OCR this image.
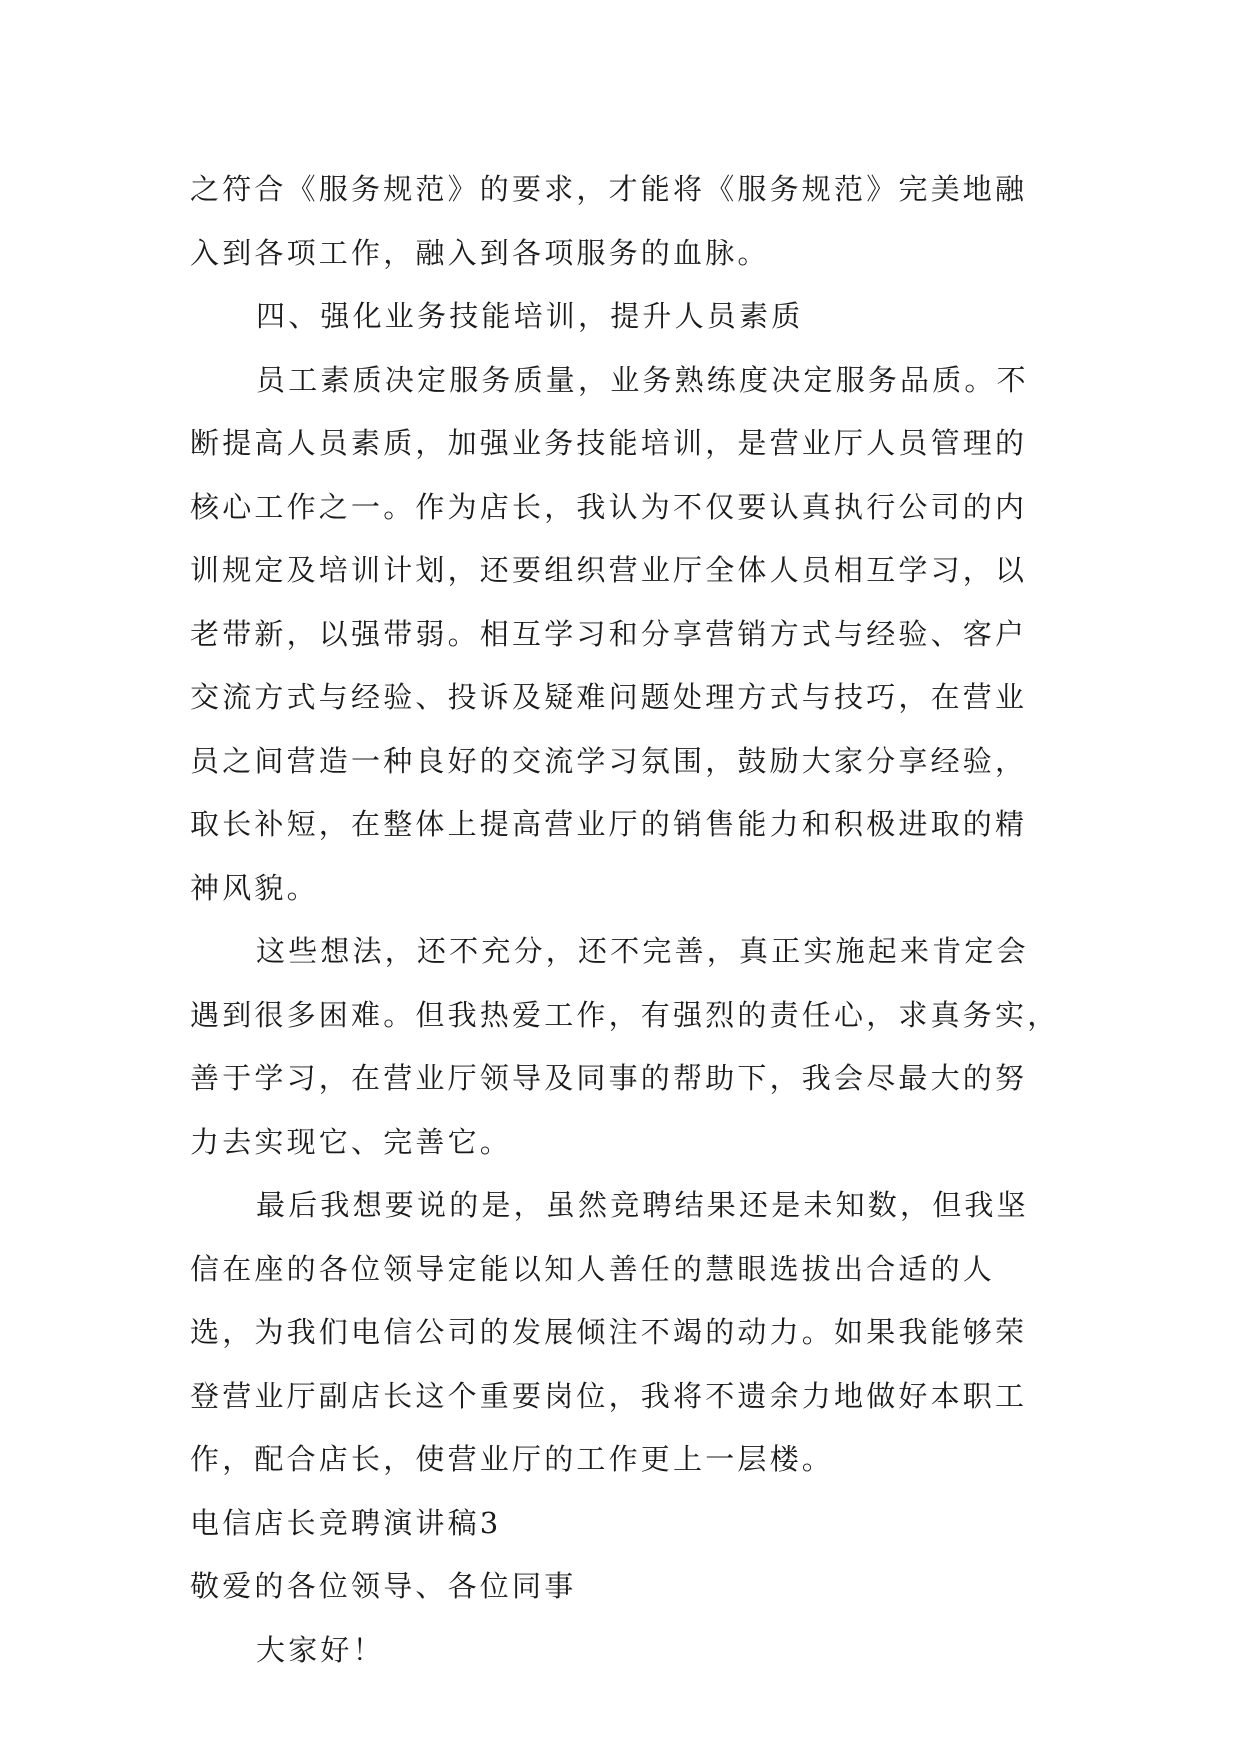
之符合《服务规范》的要求，才能将《服务规范》完美地融
入到各项工作，融入到各项服务的血脉。
四、强化业务技能培训，提升人员素质
员工素质决定服务质量，业务熟练度决定服务品质。不
断提高人员素质，加强业务技能培训，是营业厅人员管理的
核心工作之一。作为店长，我认为不仅要认真执行公司的内
训规定及培训计划，还要组织营业厅全体人员相互学习，以
老带新，以强带弱。相互学习和分享营销方式与经验、客户
交流方式与经验、投诉及疑难问题处理方式与技巧，在营业
员之间营造一种良好的交流学习氛围，鼓励大家分享经验，
取长补短，在整体上提高营业厅的销售能力和积极进取的精
神风貌。
这些想法，还不充分，还不完善，真正实施起来肯定会
遇到很多困难。但我热爱工作，有强烈的责任心，求真务实，
善于学习，在营业厅领导及同事的帮助下，我会尽最大的努
力去实现它、完善它。
最后我想要说的是，虽然竞聘结果还是未知数，但我坚
信在座的各位领导定能以知人善任的慧眼选拔出合适的人
选，为我们电信公司的发展倾注不竭的动力。如果我能够荣
登营业厅副店长这个重要岗位，我将不遗余力地做好本职工
作，配合店长，使营业厅的工作更上一层楼。
电信店长竞聘演讲稿3
敬爱的各位领导、各位同事
大家好！
